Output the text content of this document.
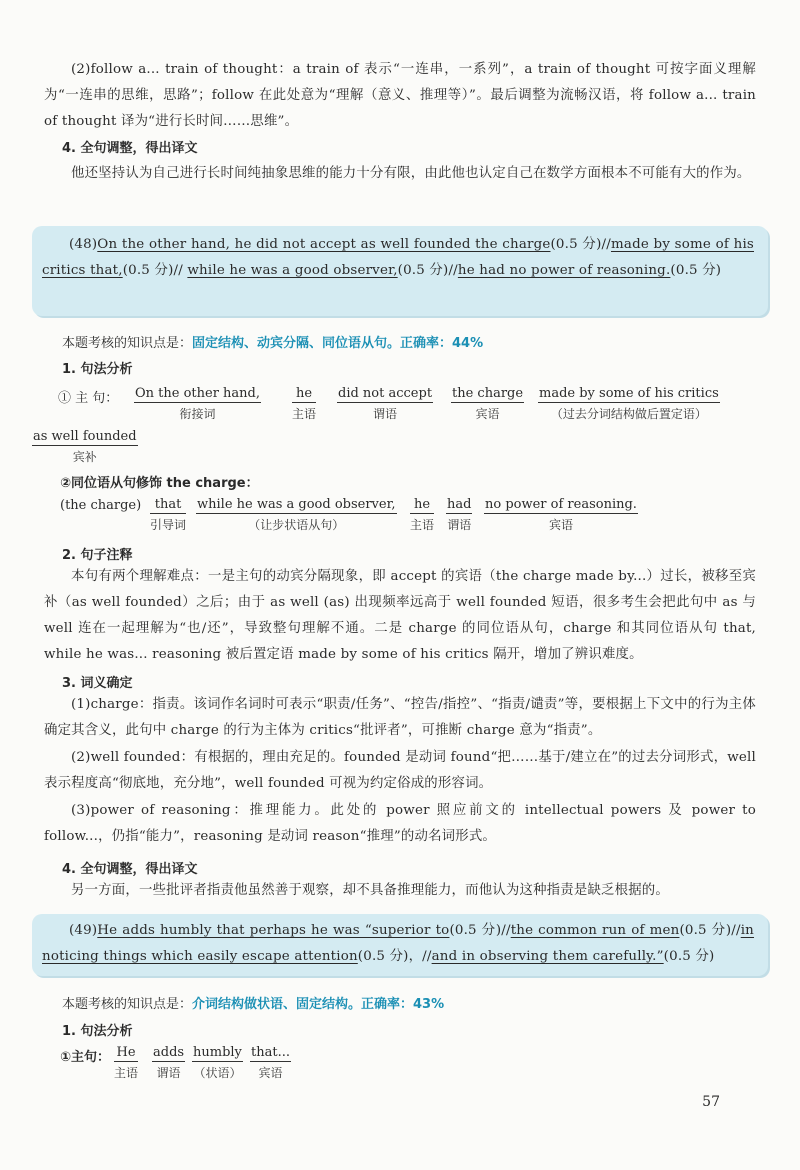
(2)follow a... train of thought：a train of 表示“一连串，一系列”，a train of thought 可按字面义理解为“一连串的思维，思路”；follow 在此处意为“理解（意义、推理等）”。最后调整为流畅汉语，将 follow a... train of thought 译为“进行长时间……思维”。
4. 全句调整，得出译文
他还坚持认为自己进行长时间纯抽象思维的能力十分有限，由此他也认定自己在数学方面根本不可能有大的作为。
(48)On the other hand, he did not accept as well founded the charge(0.5 分)//made by some of his critics that,(0.5 分)// while he was a good observer,(0.5 分)//he had no power of reasoning.(0.5 分)
本题考核的知识点是：固定结构、动宾分隔、同位语从句。正确率：44%
1. 句法分析
① 主 句： On the other hand,
衔接词
he
主语
did not accept
谓语
the charge
宾语
made by some of his critics
（过去分词结构做后置定语）
as well founded
宾补
②同位语从句修饰 the charge：
(the charge)	that
引导词
while he was a good observer,
（让步状语从句）
he
主语
had
谓语
no power of reasoning.
宾语
2. 句子注释
本句有两个理解难点：一是主句的动宾分隔现象，即 accept 的宾语（the charge made by...）过长，被移至宾补（as well founded）之后；由于 as well (as) 出现频率远高于 well founded 短语，很多考生会把此句中 as 与 well 连在一起理解为“也/还”，导致整句理解不通。二是 charge 的同位语从句，charge 和其同位语从句 that, while he was... reasoning 被后置定语 made by some of his critics 隔开，增加了辨识难度。
3. 词义确定
(1)charge：指责。该词作名词时可表示“职责/任务”、“控告/指控”、“指责/谴责”等，要根据上下文中的行为主体确定其含义，此句中 charge 的行为主体为 critics“批评者”，可推断 charge 意为“指责”。
(2)well founded：有根据的，理由充足的。founded 是动词 found“把……基于/建立在”的过去分词形式，well 表示程度高“彻底地，充分地”，well founded 可视为约定俗成的形容词。
(3)power of reasoning：推理能力。此处的 power 照应前文的 intellectual powers 及 power to follow...，仍指“能力”，reasoning 是动词 reason“推理”的动名词形式。
4. 全句调整，得出译文
另一方面，一些批评者指责他虽然善于观察，却不具备推理能力，而他认为这种指责是缺乏根据的。
(49)He adds humbly that perhaps he was “superior to(0.5 分)//the common run of men(0.5 分)//in noticing things which easily escape attention(0.5 分)，//and in observing them carefully.”(0.5 分)
本题考核的知识点是：介词结构做状语、固定结构。正确率：43%
1. 句法分析
①主句： He
主语
adds
谓语
humbly
（状语）
that...
宾语
57
